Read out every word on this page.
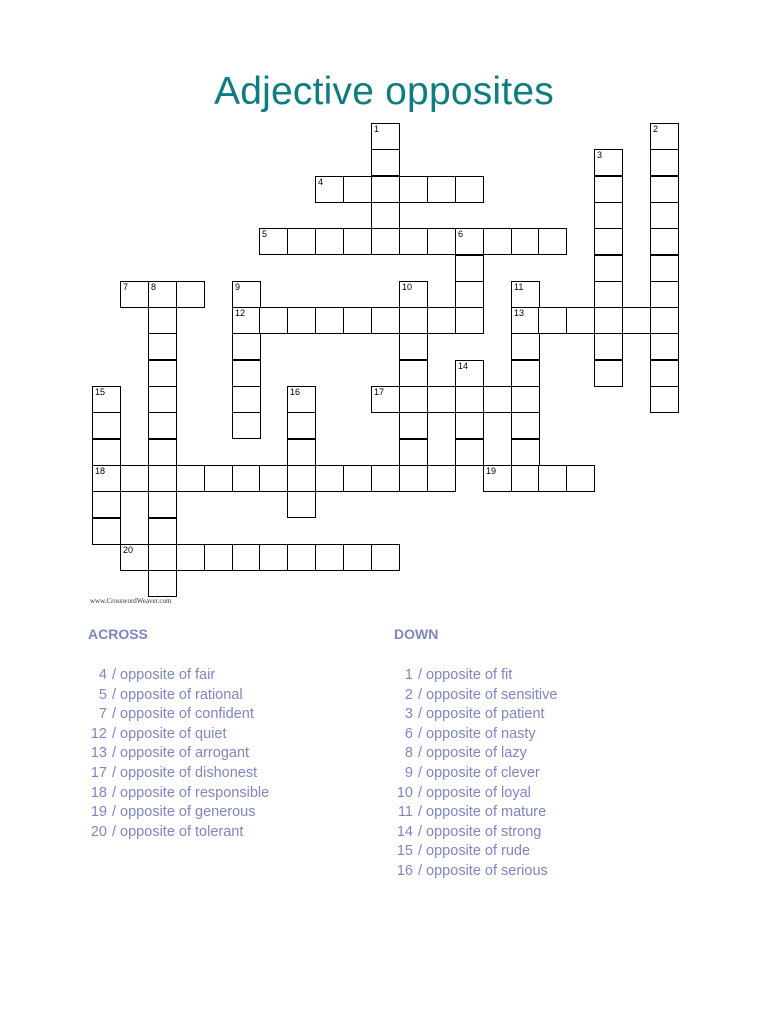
Adjective opposites
1	2
3
4
5	6
7	8	9
12
10	11
13
14
15
18
16	17
19
20
www.CrosswordWeaver.com
ACROSS
4 / opposite of fair
5 / opposite of rational
7 / opposite of confident
12 / opposite of quiet
13 / opposite of arrogant
17 / opposite of dishonest
18 / opposite of responsible
19 / opposite of generous
20 / opposite of tolerant
DOWN
1 / opposite of fit
2 / opposite of sensitive
3 / opposite of patient
6 / opposite of nasty
8 / opposite of lazy
9 / opposite of clever
10 / opposite of loyal
11 / opposite of mature
14 / opposite of strong
15 / opposite of rude
16 / opposite of serious
